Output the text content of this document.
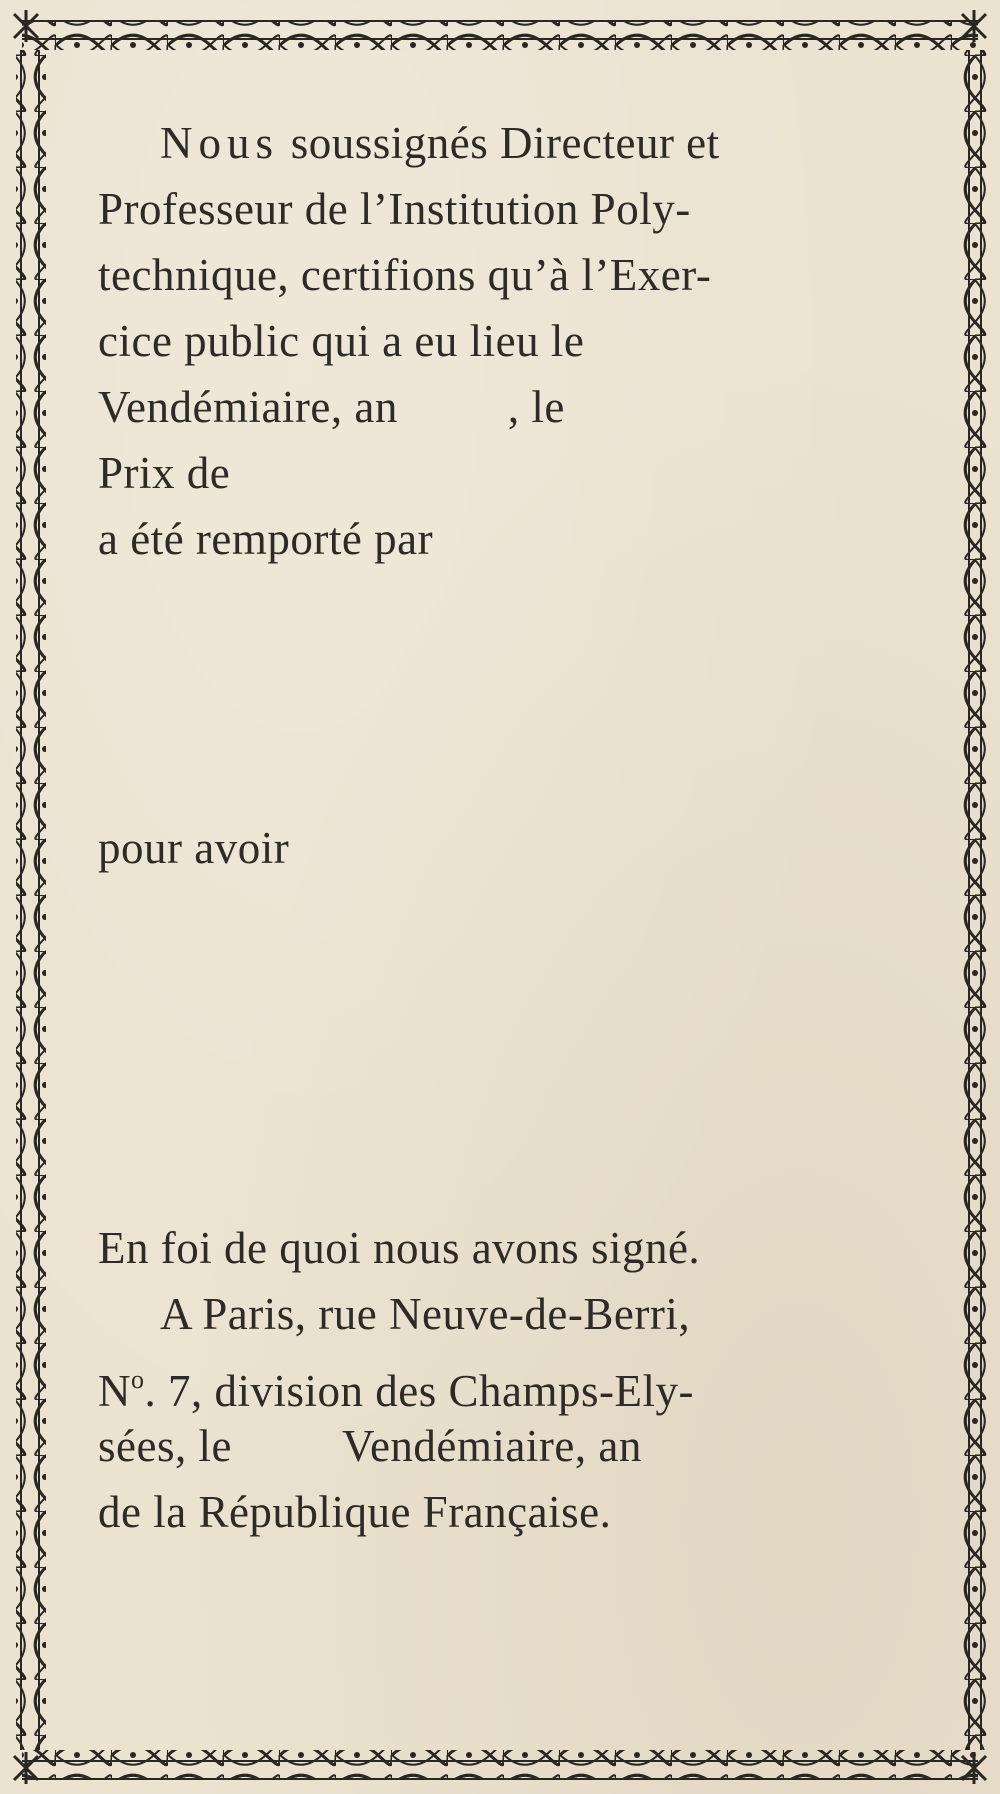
Nous soussignés Directeur et
Professeur de l’Institution Poly-
technique, certifions qu’à l’Exer-
cice public qui a eu lieu le
Vendémiaire, an , le
Prix de
a été remporté par
pour avoir
En foi de quoi nous avons signé.
A Paris, rue Neuve-de-Berri,
$N^o$. 7, division des Champs-Ely-
sées, le Vendémiaire, an
de la République Française.
